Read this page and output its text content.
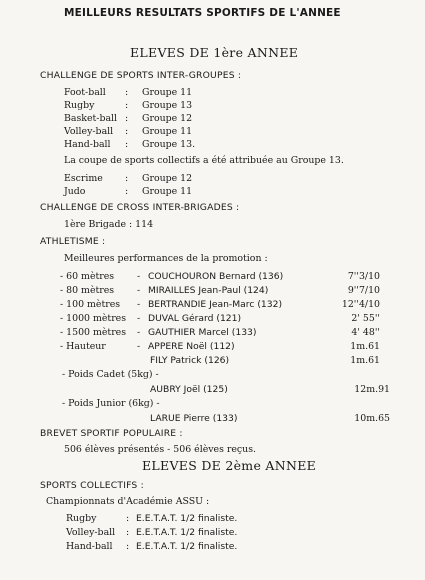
MEILLEURS RESULTATS SPORTIFS DE L'ANNEE
ELEVES DE 1ère ANNEE
CHALLENGE DE SPORTS INTER-GROUPES :
Foot-ball : Groupe 11
Rugby	: Groupe 13
Basket-ball : Groupe 12
Volley-ball : Groupe 11
Hand-ball : Groupe 13.
La coupe de sports collectifs a été attribuée au Groupe 13.
Escrime : Groupe 12
Judo	: Groupe 11
CHALLENGE DE CROSS INTER-BRIGADES :
1ère Brigade : 114
ATHLETISME :
Meilleures performances de la promotion :
- 60 mètres - COUCHOURON Bernard (136)	7''3/10
- 80 mètres - MIRAILLES Jean-Paul (124)	9''7/10
- 100 mètres - BERTRANDIE Jean-Marc (132)	12''4/10
- 1000 mètres - DUVAL Gérard (121)	2' 55''
- 1500 mètres - GAUTHIER Marcel (133)	4' 48''
- Hauteur	- APPERE Noël (112)	1m.61
FILY Patrick (126)	1m.61
- Poids Cadet (5kg) -
AUBRY Joël (125)	12m.91
- Poids Junior (6kg) -
LARUE Pierre (133)	10m.65
BREVET SPORTIF POPULAIRE :
506 élèves présentés - 506 élèves reçus.
ELEVES DE 2ème ANNEE
SPORTS COLLECTIFS :
Championnats d'Académie ASSU :
Rugby	: E.E.T.A.T. 1/2 finaliste.
Volley-ball : E.E.T.A.T. 1/2 finaliste.
Hand-ball : E.E.T.A.T. 1/2 finaliste.
